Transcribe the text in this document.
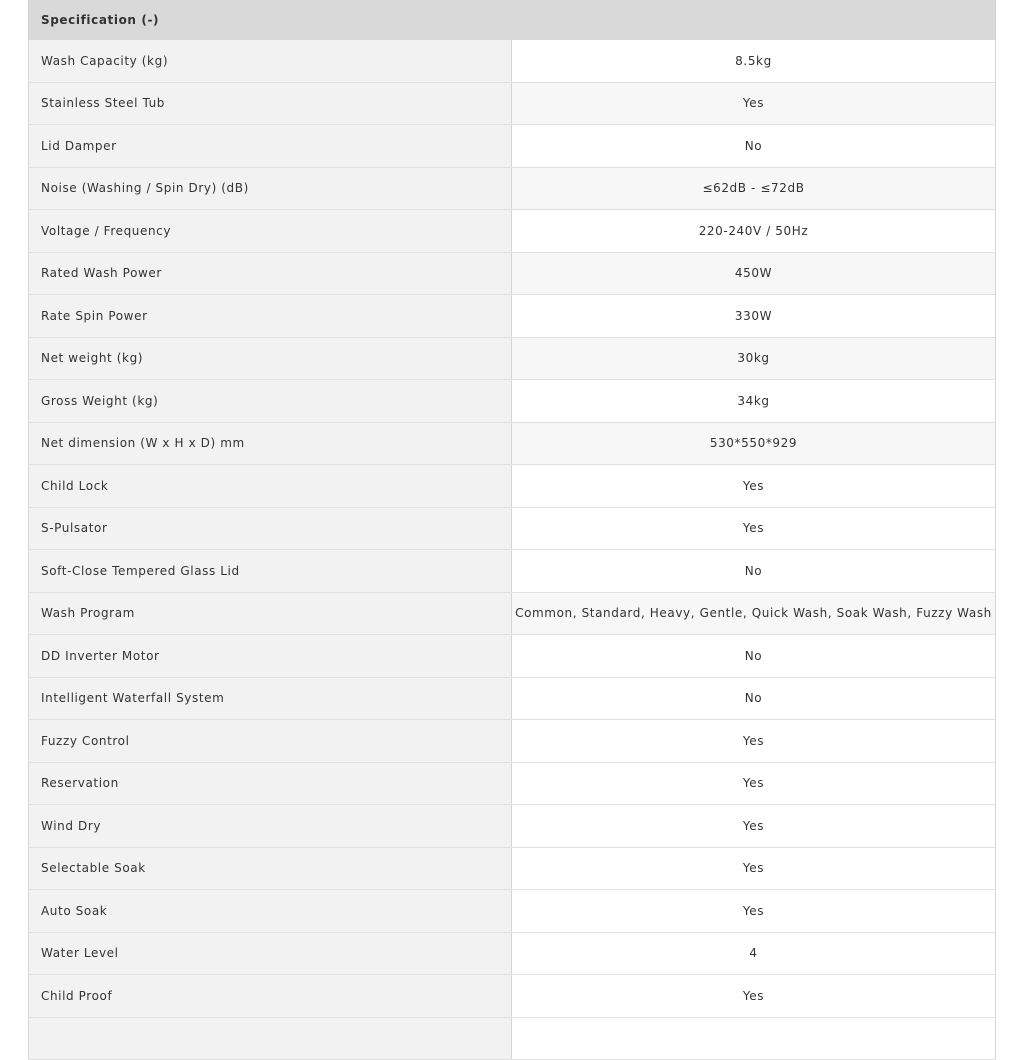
Specification (-)
Wash Capacity (kg)	8.5kg
Stainless Steel Tub	Yes
Lid Damper	No
Noise (Washing / Spin Dry) (dB)	≤62dB - ≤72dB
Voltage / Frequency	220-240V / 50Hz
Rated Wash Power	450W
Rate Spin Power	330W
Net weight (kg)	30kg
Gross Weight (kg)	34kg
Net dimension (W x H x D) mm	530*550*929
Child Lock	Yes
S-Pulsator	Yes
Soft-Close Tempered Glass Lid	No
Wash Program	Common, Standard, Heavy, Gentle, Quick Wash, Soak Wash, Fuzzy Wash
DD Inverter Motor	No
Intelligent Waterfall System	No
Fuzzy Control	Yes
Reservation	Yes
Wind Dry	Yes
Selectable Soak	Yes
Auto Soak	Yes
Water Level	4
Child Proof	Yes
